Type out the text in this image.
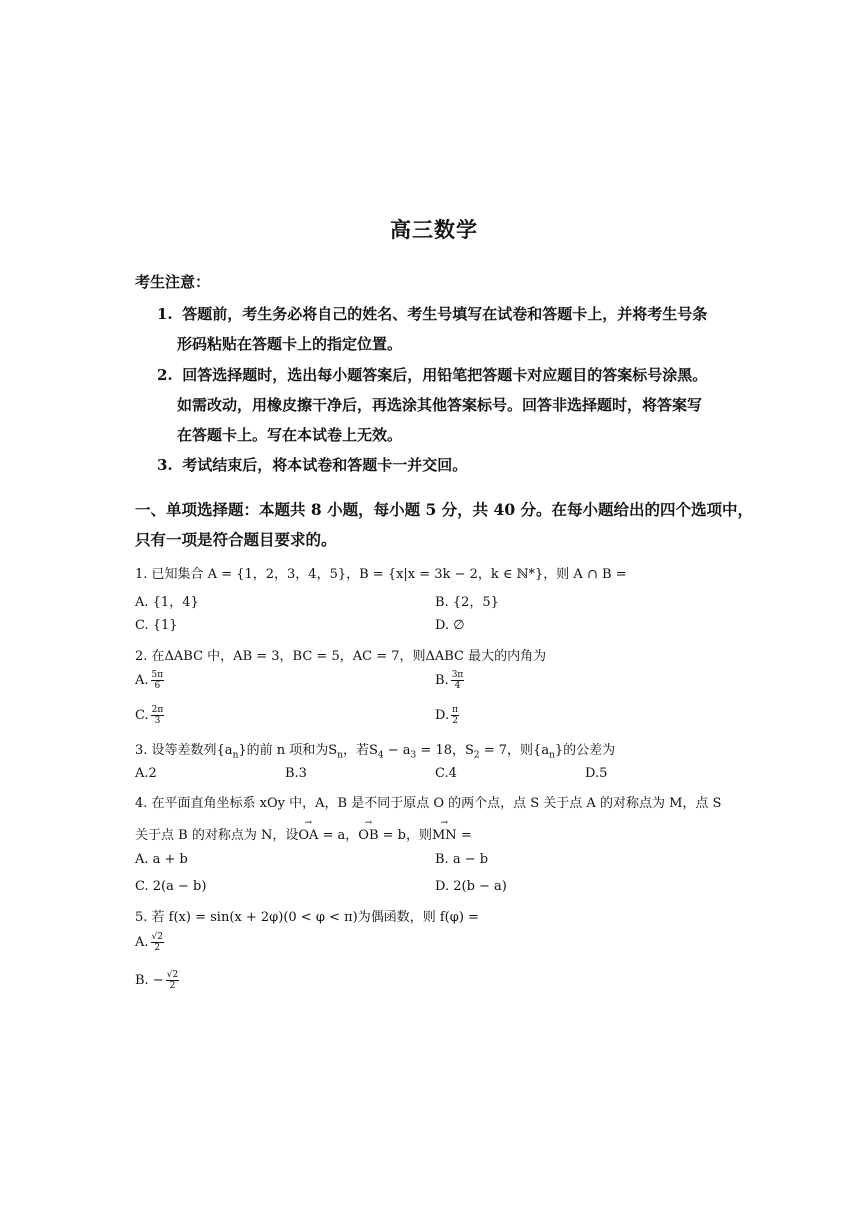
高三数学
考生注意：
1. 答题前，考生务必将自己的姓名、考生号填写在试卷和答题卡上，并将考生号条
形码粘贴在答题卡上的指定位置。
2. 回答选择题时，选出每小题答案后，用铅笔把答题卡对应题目的答案标号涂黑。
如需改动，用橡皮擦干净后，再选涂其他答案标号。回答非选择题时，将答案写
在答题卡上。写在本试卷上无效。
3. 考试结束后，将本试卷和答题卡一并交回。
一、单项选择题：本题共 8 小题，每小题 5 分，共 40 分。在每小题给出的四个选项中，
只有一项是符合题目要求的。
1. 已知集合 A = {1，2，3，4，5}，B = {x|x = 3k − 2，k ∈ ℕ*}，则 A ∩ B =
A. {1，4}	B. {2，5}
C. {1}	D. ∅
2. 在ΔABC 中，AB = 3，BC = 5，AC = 7，则ΔABC 最大的内角为
A. $\frac{5\pi}{6}$	B. $\frac{3\pi}{4}$
C. $\frac{2\pi}{3}$	D. $\frac{\pi}{2}$
3. 设等差数列$\{a_n\}$的前 n 项和为$S_n$，若$S_4 - a_3 = 18$，$S_2 = 7$，则$\{a_n\}$的公差为
A.2	B.3	C.4	D.5
4. 在平面直角坐标系 xOy 中，A，B 是不同于原点 O 的两个点，点 S 关于点 A 的对称点为 M，点 S
关于点 B 的对称点为 N，设→ OA = a，→ OB = b，则→ MN =
A. a + b	B. a − b
C. 2(a − b)	D. 2(b − a)
5. 若 f(x) = sin(x + 2φ)(0 < φ < π)为偶函数，则 f(φ) =
A. $\frac{√2}{2}$
B. − $\frac{√2}{2}$
